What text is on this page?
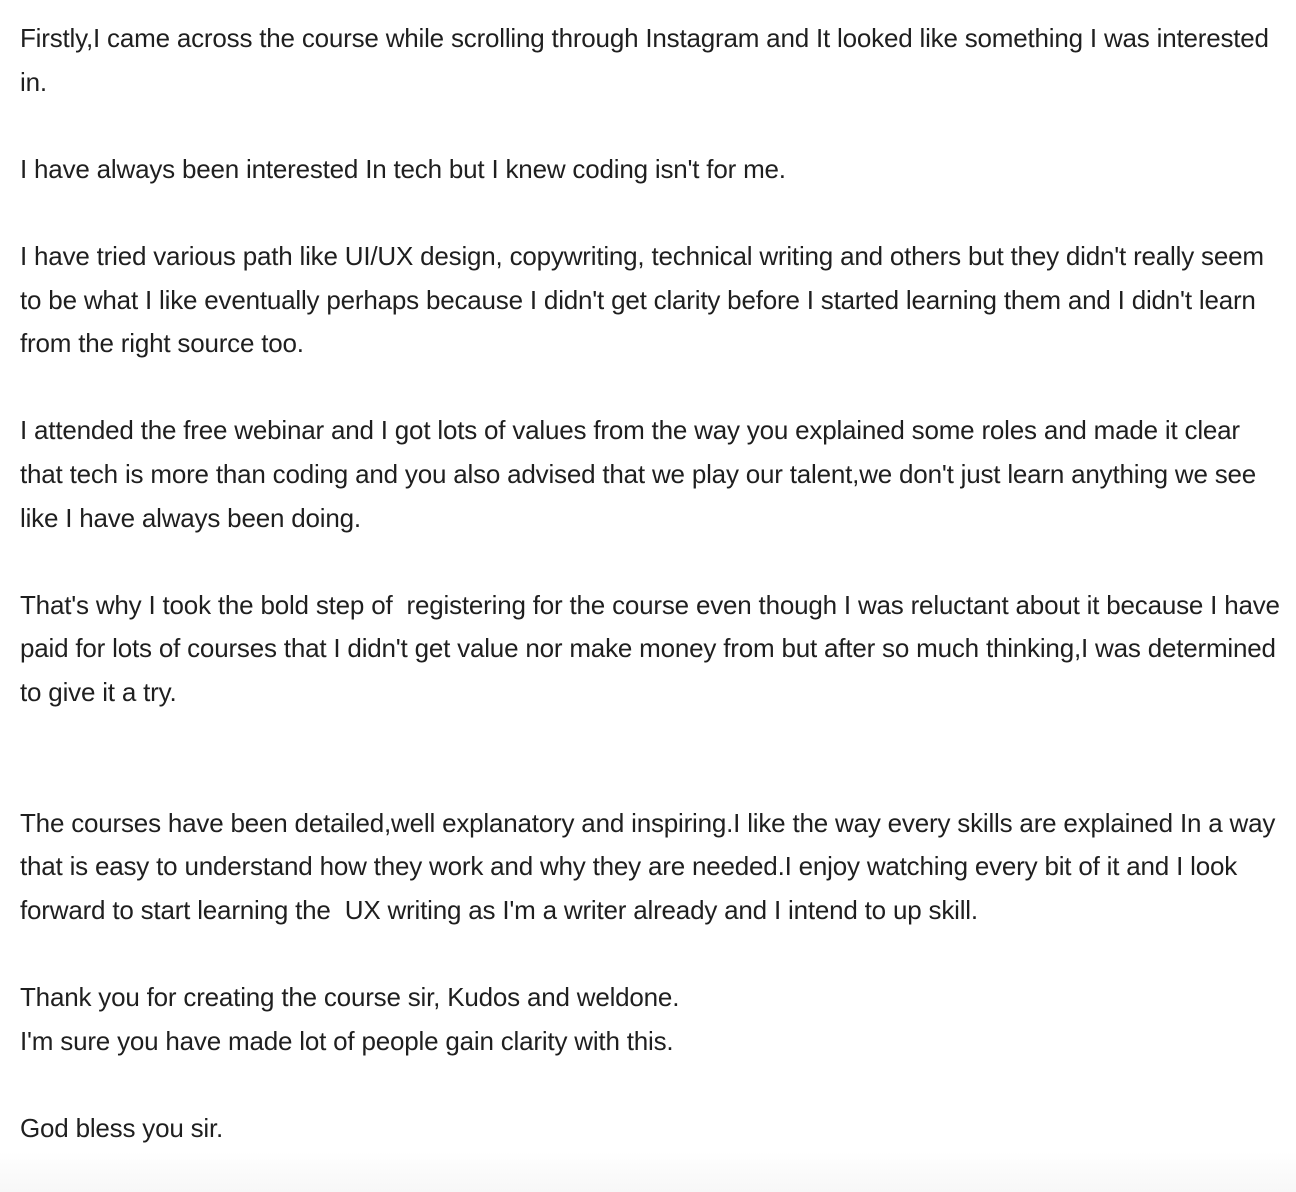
Firstly,I came across the course while scrolling through Instagram and It looked like something I was interested in.

I have always been interested In tech but I knew coding isn't for me.

I have tried various path like UI/UX design, copywriting, technical writing and others but they didn't really seem to be what I like eventually perhaps because I didn't get clarity before I started learning them and I didn't learn from the right source too.

I attended the free webinar and I got lots of values from the way you explained some roles and made it clear that tech is more than coding and you also advised that we play our talent,we don't just learn anything we see like I have always been doing.

That's why I took the bold step of  registering for the course even though I was reluctant about it because I have paid for lots of courses that I didn't get value nor make money from but after so much thinking,I was determined to give it a try.

The courses have been detailed,well explanatory and inspiring.I like the way every skills are explained In a way that is easy to understand how they work and why they are needed.I enjoy watching every bit of it and I look forward to start learning the  UX writing as I'm a writer already and I intend to up skill.

Thank you for creating the course sir, Kudos and weldone.

I'm sure you have made lot of people gain clarity with this.

God bless you sir.
